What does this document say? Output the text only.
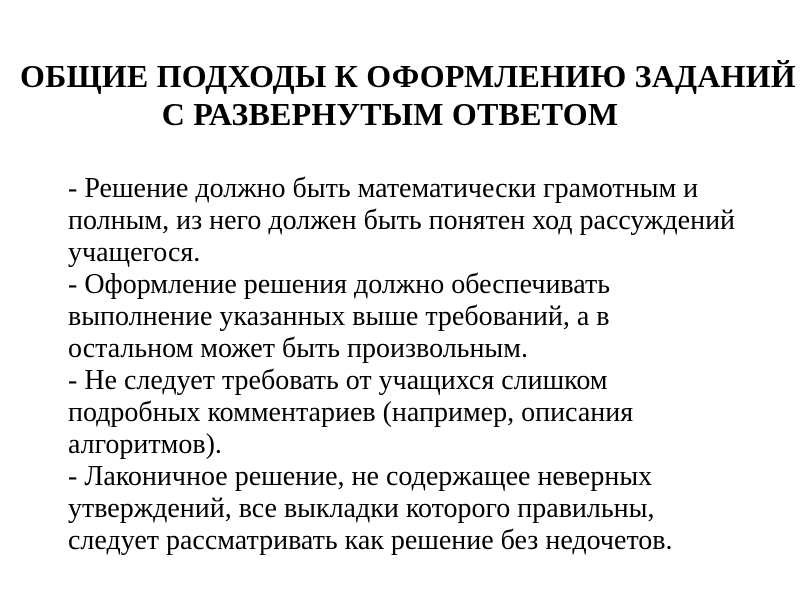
ОБЩИЕ ПОДХОДЫ К ОФОРМЛЕНИЮ ЗАДАНИЙ
С РАЗВЕРНУТЫМ ОТВЕТОМ

- Решение должно быть математически грамотным и полным, из него должен быть понятен ход рассуждений учащегося.

- Оформление решения должно обеспечивать выполнение указанных выше требований, а в остальном может быть произвольным.

- Не следует требовать от учащихся слишком подробных комментариев (например, описания алгоритмов).

- Лаконичное решение, не содержащее неверных утверждений, все выкладки которого правильны, следует рассматривать как решение без недочетов.
